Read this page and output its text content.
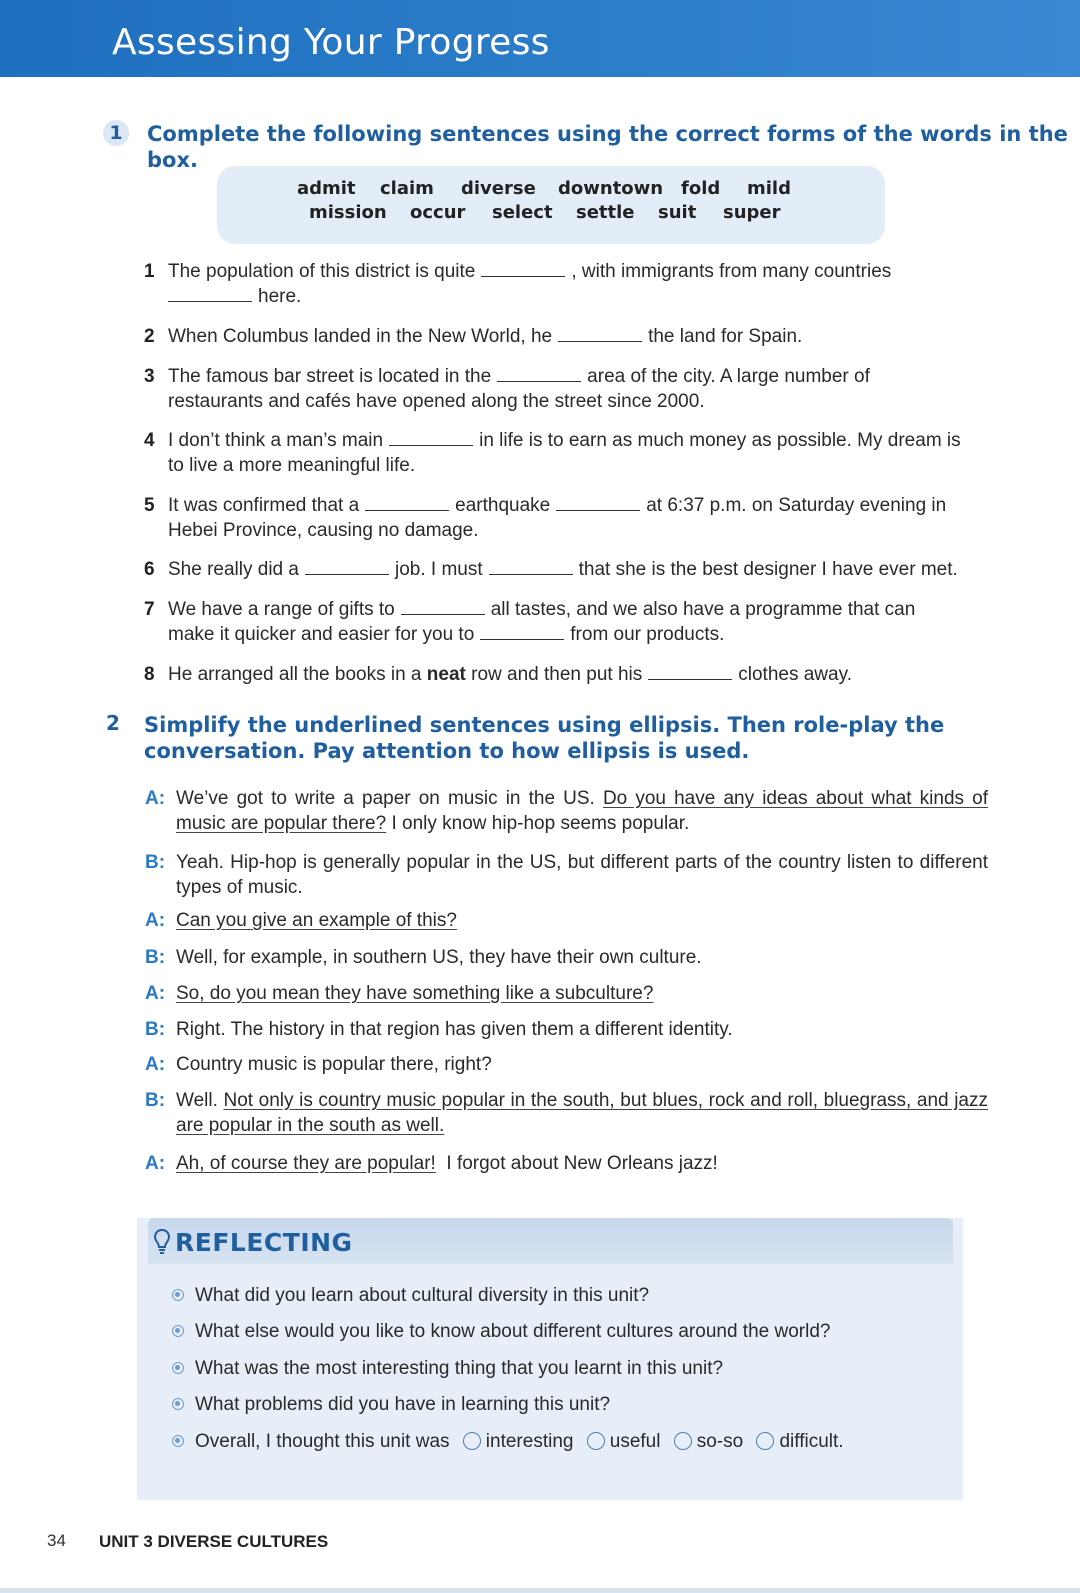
Assessing Your Progress
1	Complete the following sentences using the correct forms of the words in the box.
admit claim diverse downtown fold mild
mission occur select settle suit super
1 The population of this district is quite	, with immigrants from many countries
here.
2 When Columbus landed in the New World, he	the land for Spain.
3 The famous bar street is located in the	area of the city. A large number of restaurants and cafés have opened along the street since 2000.
4 I don’t think a man’s main	in life is to earn as much money as possible. My dream is to live a more meaningful life.
5 It was confirmed that a	earthquake	at 6:37 p.m. on Saturday evening in Hebei Province, causing no damage.
6 She really did a	job. I must	that she is the best designer I have ever met.
7 We have a range of gifts to	all tastes, and we also have a programme that can make it quicker and easier for you to	from our products.
8 He arranged all the books in a neat row and then put his	clothes away.
2 Simplify the underlined sentences using ellipsis. Then role-play the
conversation. Pay attention to how ellipsis is used.
A: We’ve got to write a paper on music in the US. Do you have any ideas about what kinds of music are popular there? I only know hip-hop seems popular.
B: Yeah. Hip-hop is generally popular in the US, but different parts of the country listen to different types of music.
A: Can you give an example of this?
B: Well, for example, in southern US, they have their own culture.
A: So, do you mean they have something like a subculture?
B: Right. The history in that region has given them a different identity.
A: Country music is popular there, right?
B: Well. Not only is country music popular in the south, but blues, rock and roll, bluegrass, and jazz are popular in the south as well.
A: Ah, of course they are popular!  I forgot about New Orleans jazz!
REFLECTING
What did you learn about cultural diversity in this unit?
What else would you like to know about different cultures around the world?
What was the most interesting thing that you learnt in this unit?
What problems did you have in learning this unit?
Overall, I thought this unit was interesting useful so-so difficult.
34 UNIT 3 DIVERSE CULTURES
